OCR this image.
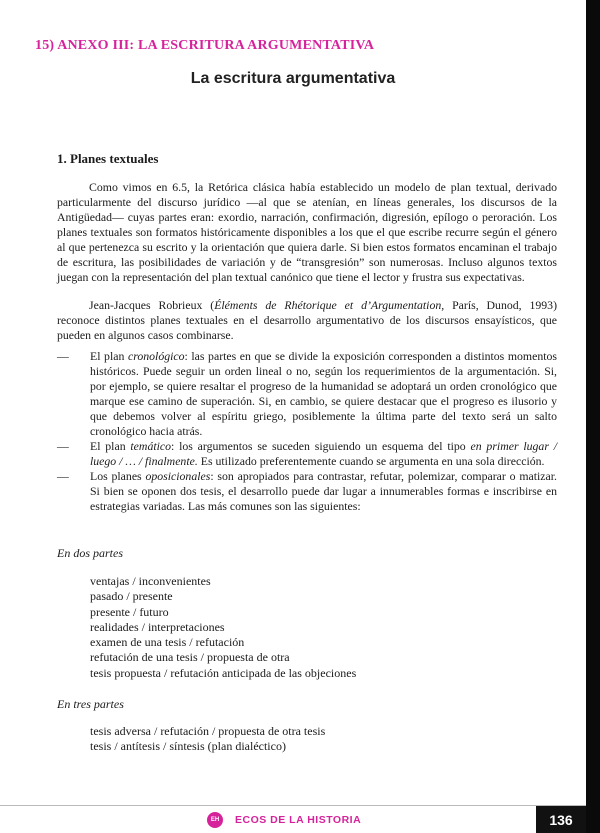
15) ANEXO III: LA ESCRITURA ARGUMENTATIVA
La escritura argumentativa
1. Planes textuales

Como vimos en 6.5, la Retórica clásica había establecido un modelo de plan textual, derivado particularmente del discurso jurídico —al que se atenían, en líneas generales, los discursos de la Antigüedad— cuyas partes eran: exordio, narración, confirmación, digresión, epílogo o peroración. Los planes textuales son formatos históricamente disponibles a los que el que escribe recurre según el género al que pertenezca su escrito y la orientación que quiera darle. Si bien estos formatos encaminan el trabajo de escritura, las posibilidades de variación y de “transgresión” son numerosas. Incluso algunos textos juegan con la representación del plan textual canónico que tiene el lector y frustra sus expectativas.

Jean-Jacques Robrieux (Éléments de Rhétorique et d’Argumentation, París, Dunod, 1993) reconoce distintos planes textuales en el desarrollo argumentativo de los discursos ensayísticos, que pueden en algunos casos combinarse.

— El plan cronológico: las partes en que se divide la exposición corresponden a distintos momentos históricos. Puede seguir un orden lineal o no, según los requerimientos de la argumentación. Si, por ejemplo, se quiere resaltar el progreso de la humanidad se adoptará un orden cronológico que marque ese camino de superación. Si, en cambio, se quiere destacar que el progreso es ilusorio y que debemos volver al espíritu griego, posiblemente la última parte del texto será un salto cronológico hacia atrás.
— El plan temático: los argumentos se suceden siguiendo un esquema del tipo en primer lugar / luego / … / finalmente. Es utilizado preferentemente cuando se argumenta en una sola dirección.
— Los planes oposicionales: son apropiados para contrastar, refutar, polemizar, comparar o matizar. Si bien se oponen dos tesis, el desarrollo puede dar lugar a innumerables formas e inscribirse en estrategias variadas. Las más comunes son las siguientes:
En dos partes
ventajas / inconvenientes
pasado / presente
presente / futuro
realidades / interpretaciones
examen de una tesis / refutación
refutación de una tesis / propuesta de otra
tesis propuesta / refutación anticipada de las objeciones
En tres partes
tesis adversa / refutación / propuesta de otra tesis
tesis / antítesis / síntesis (plan dialéctico)
EH ECOS DE LA HISTORIA	136
